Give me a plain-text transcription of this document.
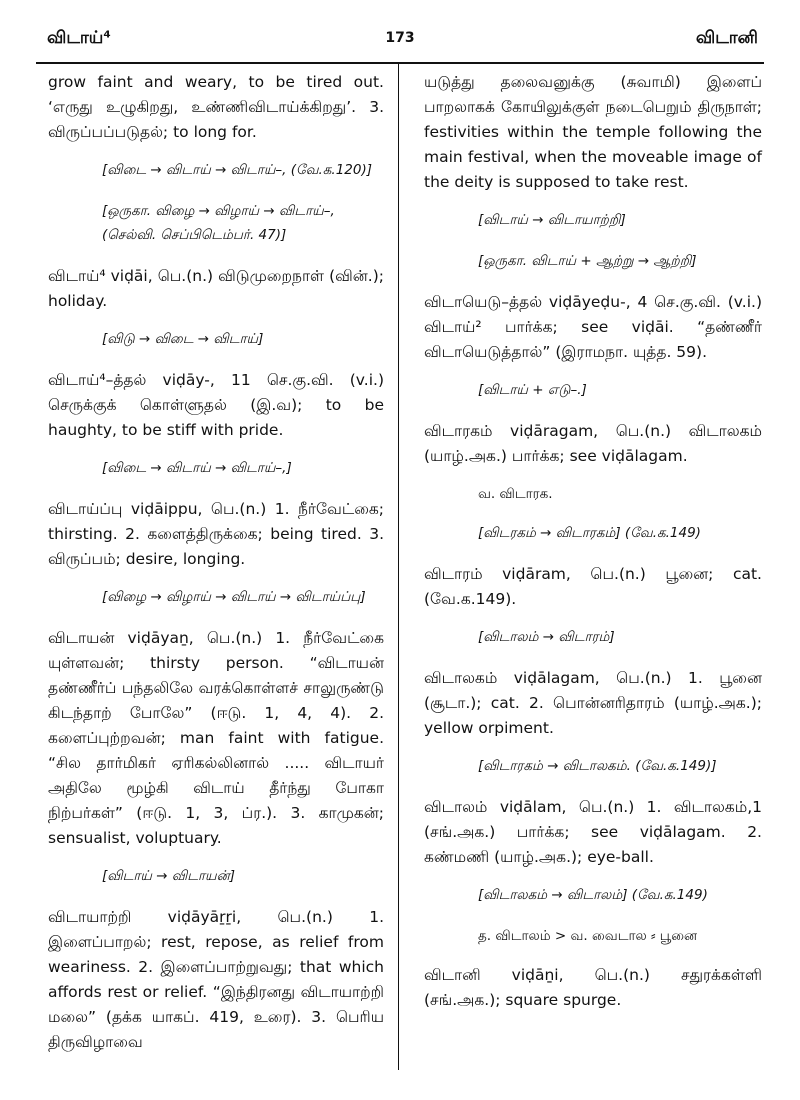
விடாய்⁴	173	விடானி
grow faint and weary, to be tired out. ‘எருது உழுகிறது, உண்ணிவிடாய்க்கிறது’. 3. விருப்பப்படுதல்; to long for.
[விடை → விடாய் → விடாய்–, (வே.க.120)]
[ஒருகா. விழை → விழாய் → விடாய்–, (செல்வி. செப்பிடெம்பர். 47)]
விடாய்⁴ viḍāi, பெ.(n.) விடுமுறைநாள் (வின்.); holiday.
[விடு → விடை → விடாய்]
விடாய்⁴–த்தல் viḍāy-, 11 செ.கு.வி. (v.i.) செருக்குக் கொள்ளுதல் (இ.வ); to be haughty, to be stiff with pride.
[விடை → விடாய் → விடாய்–,]
விடாய்ப்பு viḍāippu, பெ.(n.) 1. நீர்வேட்கை; thirsting. 2. களைத்திருக்கை; being tired. 3. விருப்பம்; desire, longing.
[விழை → விழாய் → விடாய் → விடாய்ப்பு]
விடாயன் viḍāyaṉ, பெ.(n.) 1. நீர்வேட்கை யுள்ளவன்; thirsty person. “விடாயன் தண்ணீர்ப் பந்தலிலே வரக்கொள்ளச் சாலுருண்டு கிடந்தாற் போலே” (ஈடு. 1, 4, 4). 2. களைப்புற்றவன்; man faint with fatigue. “சில தார்மிகர் ஏரிகல்லினால் ..... விடாயர் அதிலே மூழ்கி விடாய் தீர்ந்து போகா நிற்பர்கள்” (ஈடு. 1, 3, ப்ர.). 3. காமுகன்; sensualist, voluptuary.
[விடாய் → விடாயன்]
விடாயாற்றி viḍāyāṟṟi, பெ.(n.) 1. இளைப்பாறல்; rest, repose, as relief from weariness. 2. இளைப்பாற்றுவது; that which affords rest or relief. “இந்திரனது விடாயாற்றி மலை” (தக்க யாகப். 419, உரை). 3. பெரிய திருவிழாவை
யடுத்து தலைவனுக்கு (சுவாமி) இளைப் பாறலாகக் கோயிலுக்குள் நடைபெறும் திருநாள்; festivities within the temple following the main festival, when the moveable image of the deity is supposed to take rest.
[விடாய் → விடாயாற்றி]
[ஒருகா. விடாய் + ஆற்று → ஆற்றி]
விடாயெடு–த்தல் viḍāyeḍu-, 4 செ.கு.வி. (v.i.) விடாய்² பார்க்க; see viḍāi. “தண்ணீர் விடாயெடுத்தால்” (இராமநா. யுத்த. 59).
[விடாய் + எடு–.]
விடாரகம் viḍāragam, பெ.(n.) விடாலகம் (யாழ்.அக.) பார்க்க; see viḍālagam.
வ. விடாரக.
[விடரகம் → விடாரகம்] (வே.க.149)
விடாரம் viḍāram, பெ.(n.) பூனை; cat. (வே.க.149).
[விடாலம் → விடாரம்]
விடாலகம் viḍālagam, பெ.(n.) 1. பூனை (சூடா.); cat. 2. பொன்னரிதாரம் (யாழ்.அக.); yellow orpiment.
[விடாரகம் → விடாலகம். (வே.க.149)]
விடாலம் viḍālam, பெ.(n.) 1. விடாலகம்,1 (சங்.அக.) பார்க்க; see viḍālagam. 2. கண்மணி (யாழ்.அக.); eye-ball.
[விடாலகம் → விடாலம்] (வே.க.149)
த. விடாலம் > வ. வைடால ⸗ பூனை
விடானி viḍāṉi, பெ.(n.) சதுரக்கள்ளி (சங்.அக.); square spurge.
